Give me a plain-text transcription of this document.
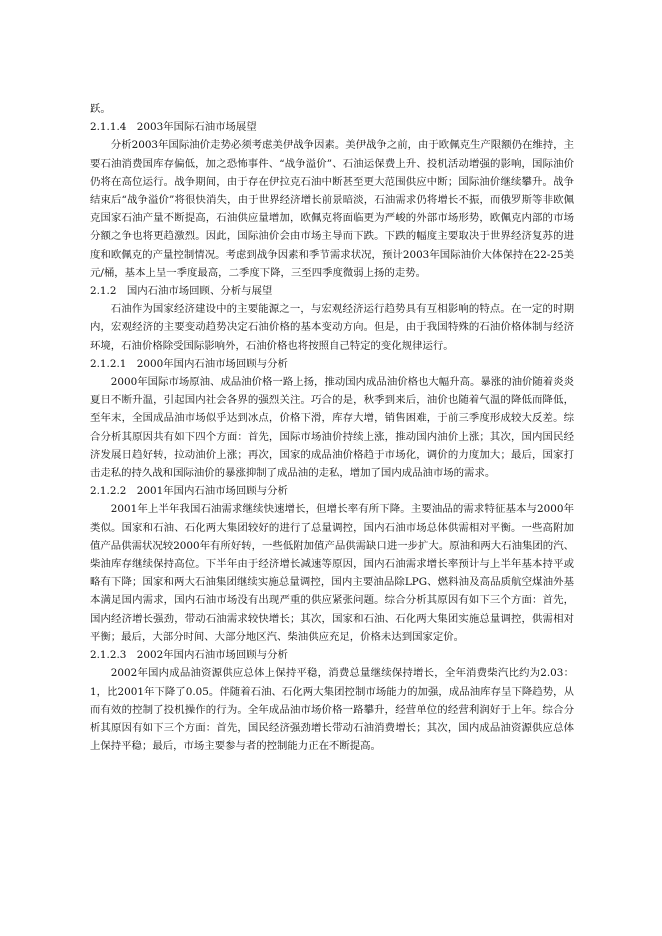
跃。

2.1.1.4　2003年国际石油市场展望

分析2003年国际油价走势必须考虑美伊战争因素。美伊战争之前，由于欧佩克生产限额仍在维持，主要石油消费国库存偏低，加之恐怖事件、“战争溢价”、石油运保费上升、投机活动增强的影响，国际油价仍将在高位运行。战争期间，由于存在伊拉克石油中断甚至更大范围供应中断；国际油价继续攀升。战争结束后“战争溢价”将很快消失，由于世界经济增长前景暗淡，石油需求仍将增长不振，而俄罗斯等非欧佩克国家石油产量不断提高，石油供应量增加，欧佩克将面临更为严峻的外部市场形势，欧佩克内部的市场分额之争也将更趋激烈。因此，国际油价会由市场主导而下跌。下跌的幅度主要取决于世界经济复苏的进度和欧佩克的产量控制情况。考虑到战争因素和季节需求状况，预计2003年国际油价大体保持在22-25美元/桶，基本上呈一季度最高，二季度下降，三至四季度微弱上扬的走势。

2.1.2　国内石油市场回顾、分析与展望

石油作为国家经济建设中的主要能源之一，与宏观经济运行趋势具有互相影响的特点。在一定的时期内，宏观经济的主要变动趋势决定石油价格的基本变动方向。但是，由于我国特殊的石油价格体制与经济环境，石油价格除受国际影响外，石油价格也将按照自己特定的变化规律运行。

2.1.2.1　2000年国内石油市场回顾与分析

2000年国际市场原油、成品油价格一路上扬，推动国内成品油价格也大幅升高。暴涨的油价随着炎炎夏日不断升温，引起国内社会各界的强烈关注。巧合的是，秋季到来后，油价也随着气温的降低而降低，至年末，全国成品油市场似乎达到冰点，价格下滑，库存大增，销售困难，于前三季度形成较大反差。综合分析其原因共有如下四个方面：首先，国际市场油价持续上涨，推动国内油价上涨；其次，国内国民经济发展日趋好转，拉动油价上涨；再次，国家的成品油价格趋于市场化，调价的力度加大；最后，国家打击走私的持久战和国际油价的暴涨抑制了成品油的走私，增加了国内成品油市场的需求。

2.1.2.2　2001年国内石油市场回顾与分析

2001年上半年我国石油需求继续快速增长，但增长率有所下降。主要油品的需求特征基本与2000年类似。国家和石油、石化两大集团较好的进行了总量调控，国内石油市场总体供需相对平衡。一些高附加值产品供需状况较2000年有所好转，一些低附加值产品供需缺口进一步扩大。原油和两大石油集团的汽、柴油库存继续保持高位。下半年由于经济增长减速等原因，国内石油需求增长率预计与上半年基本持平或略有下降；国家和两大石油集团继续实施总量调控，国内主要油品除LPG、燃料油及高品质航空煤油外基本满足国内需求，国内石油市场没有出现严重的供应紧张问题。综合分析其原因有如下三个方面：首先，国内经济增长强劲，带动石油需求较快增长；其次，国家和石油、石化两大集团实施总量调控，供需相对平衡；最后，大部分时间、大部分地区汽、柴油供应充足，价格未达到国家定价。

2.1.2.3　2002年国内石油市场回顾与分析

2002年国内成品油资源供应总体上保持平稳，消费总量继续保持增长，全年消费柴汽比约为2.03：1，比2001年下降了0.05。伴随着石油、石化两大集团控制市场能力的加强，成品油库存呈下降趋势，从而有效的控制了投机操作的行为。全年成品油市场价格一路攀升，经营单位的经营利润好于上年。综合分析其原因有如下三个方面：首先，国民经济强劲增长带动石油消费增长；其次，国内成品油资源供应总体上保持平稳；最后，市场主要参与者的控制能力正在不断提高。
